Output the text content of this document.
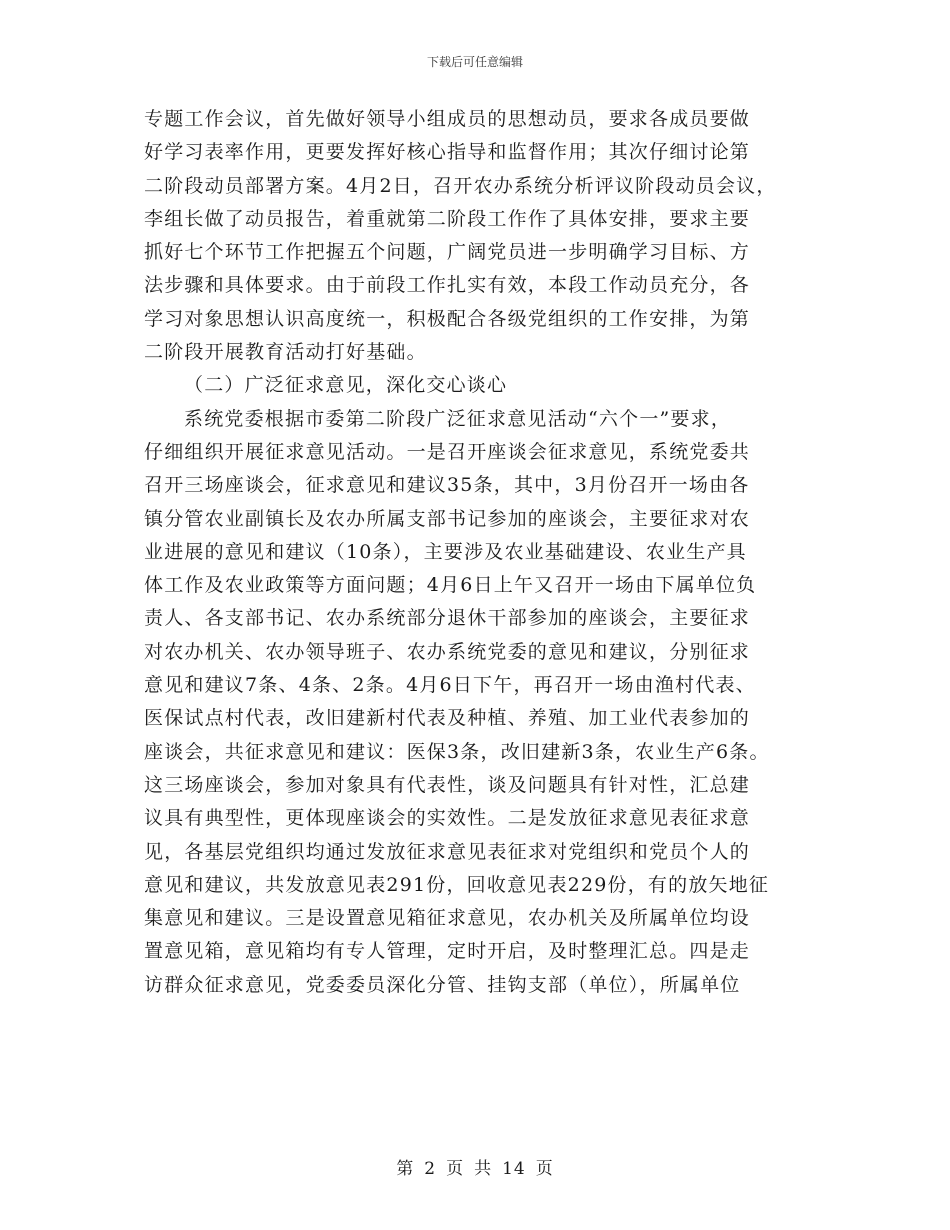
下载后可任意编辑
专题工作会议，首先做好领导小组成员的思想动员，要求各成员要做
好学习表率作用，更要发挥好核心指导和监督作用；其次仔细讨论第
二阶段动员部署方案。4月2日，召开农办系统分析评议阶段动员会议，
李组长做了动员报告，着重就第二阶段工作作了具体安排，要求主要
抓好七个环节工作把握五个问题，广阔党员进一步明确学习目标、方
法步骤和具体要求。由于前段工作扎实有效，本段工作动员充分，各
学习对象思想认识高度统一，积极配合各级党组织的工作安排，为第
二阶段开展教育活动打好基础。
（二）广泛征求意见，深化交心谈心
系统党委根据市委第二阶段广泛征求意见活动“六个一”要求，
仔细组织开展征求意见活动。一是召开座谈会征求意见，系统党委共
召开三场座谈会，征求意见和建议35条，其中，3月份召开一场由各
镇分管农业副镇长及农办所属支部书记参加的座谈会，主要征求对农
业进展的意见和建议（10条），主要涉及农业基础建设、农业生产具
体工作及农业政策等方面问题；4月6日上午又召开一场由下属单位负
责人、各支部书记、农办系统部分退休干部参加的座谈会，主要征求
对农办机关、农办领导班子、农办系统党委的意见和建议，分别征求
意见和建议7条、4条、2条。4月6日下午，再召开一场由渔村代表、
医保试点村代表，改旧建新村代表及种植、养殖、加工业代表参加的
座谈会，共征求意见和建议：医保3条，改旧建新3条，农业生产6条。
这三场座谈会，参加对象具有代表性，谈及问题具有针对性，汇总建
议具有典型性，更体现座谈会的实效性。二是发放征求意见表征求意
见，各基层党组织均通过发放征求意见表征求对党组织和党员个人的
意见和建议，共发放意见表291份，回收意见表229份，有的放矢地征
集意见和建议。三是设置意见箱征求意见，农办机关及所属单位均设
置意见箱，意见箱均有专人管理，定时开启，及时整理汇总。四是走
访群众征求意见，党委委员深化分管、挂钩支部（单位），所属单位
第 2 页 共 14 页
